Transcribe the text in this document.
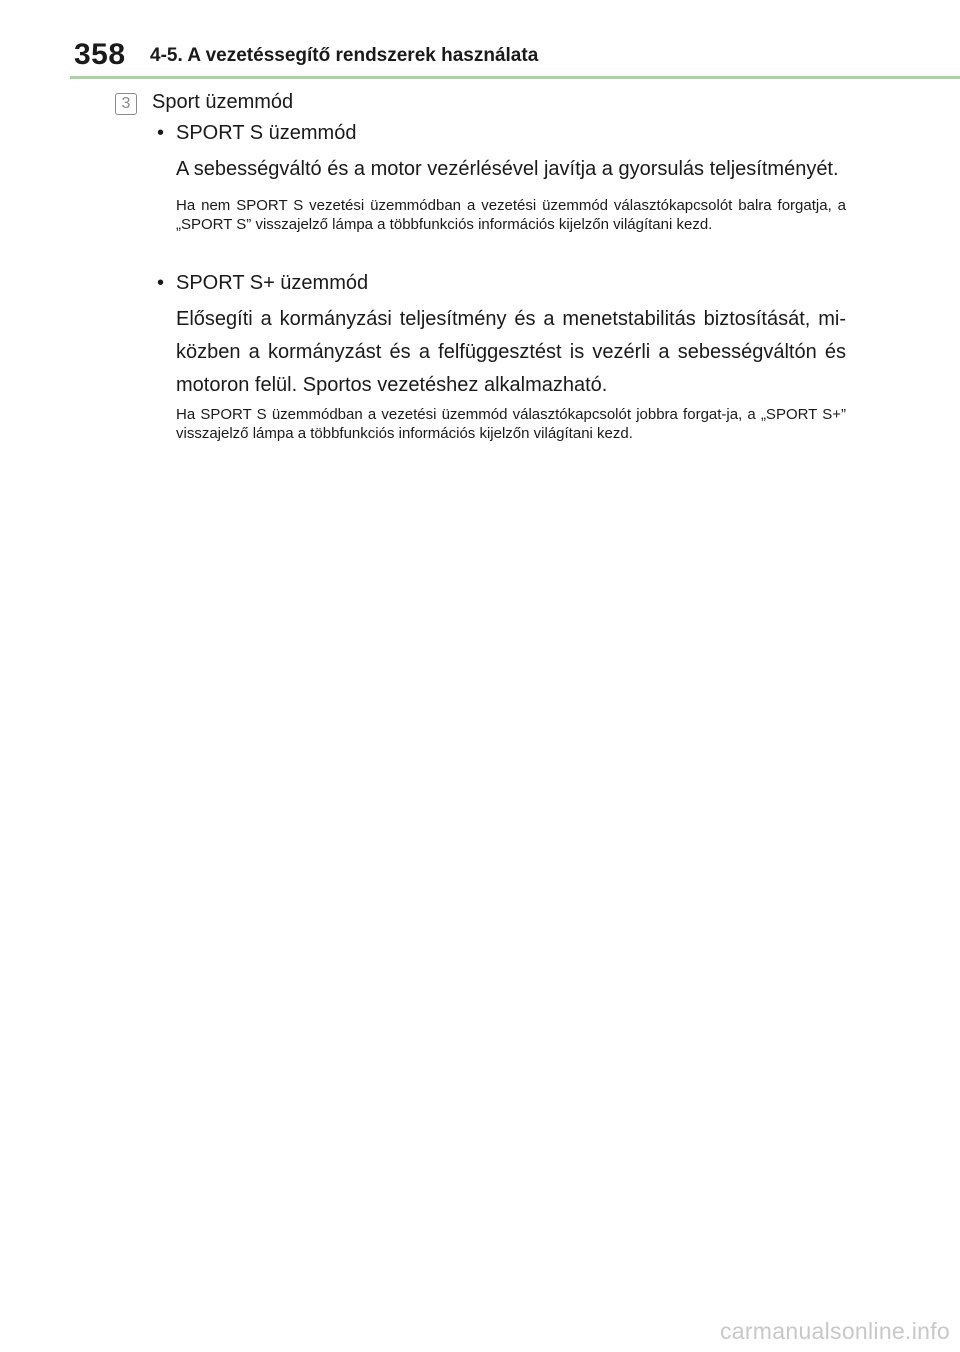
358 4-5. A vezetéssegítő rendszerek használata
3	Sport üzemmód
• SPORT S üzemmód
A sebességváltó és a motor vezérlésével javítja a gyorsulás teljesítményét.
Ha nem SPORT S vezetési üzemmódban a vezetési üzemmód választókapcsolót balra forgatja, a „SPORT S” visszajelző lámpa a többfunkciós információs kijelzőn világítani kezd.
• SPORT S+ üzemmód
Elősegíti a kormányzási teljesítmény és a menetstabilitás biztosítását, mi-közben a kormányzást és a felfüggesztést is vezérli a sebességváltón és motoron felül. Sportos vezetéshez alkalmazható.
Ha SPORT S üzemmódban a vezetési üzemmód választókapcsolót jobbra forgat-ja, a „SPORT S+” visszajelző lámpa a többfunkciós információs kijelzőn világítani kezd.
carmanualsonline.info
